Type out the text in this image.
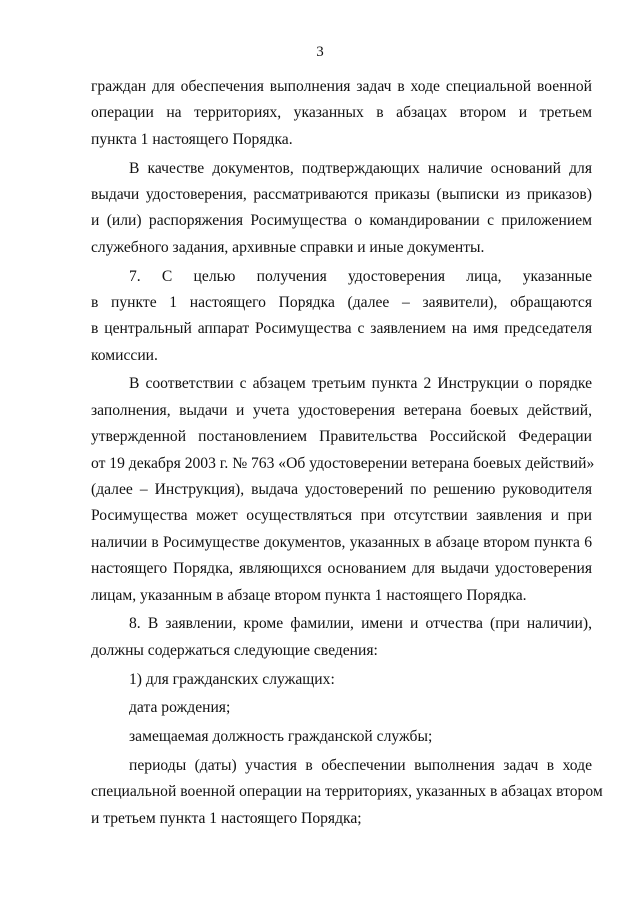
3
граждан для обеспечения выполнения задач в ходе специальной военной
операции на территориях, указанных в абзацах втором и третьем
пункта 1 настоящего Порядка.
В качестве документов, подтверждающих наличие оснований для
выдачи удостоверения, рассматриваются приказы (выписки из приказов)
и (или) распоряжения Росимущества о командировании с приложением
служебного задания, архивные справки и иные документы.
7. С целью получения удостоверения лица, указанные
в пункте 1 настоящего Порядка (далее – заявители), обращаются
в центральный аппарат Росимущества с заявлением на имя председателя
комиссии.
В соответствии с абзацем третьим пункта 2 Инструкции о порядке
заполнения, выдачи и учета удостоверения ветерана боевых действий,
утвержденной постановлением Правительства Российской Федерации
от 19 декабря 2003 г. № 763 «Об удостоверении ветерана боевых действий»
(далее – Инструкция), выдача удостоверений по решению руководителя
Росимущества может осуществляться при отсутствии заявления и при
наличии в Росимуществе документов, указанных в абзаце втором пункта 6
настоящего Порядка, являющихся основанием для выдачи удостоверения
лицам, указанным в абзаце втором пункта 1 настоящего Порядка.
8. В заявлении, кроме фамилии, имени и отчества (при наличии),
должны содержаться следующие сведения:
1) для гражданских служащих:
дата рождения;
замещаемая должность гражданской службы;
периоды (даты) участия в обеспечении выполнения задач в ходе
специальной военной операции на территориях, указанных в абзацах втором
и третьем пункта 1 настоящего Порядка;
